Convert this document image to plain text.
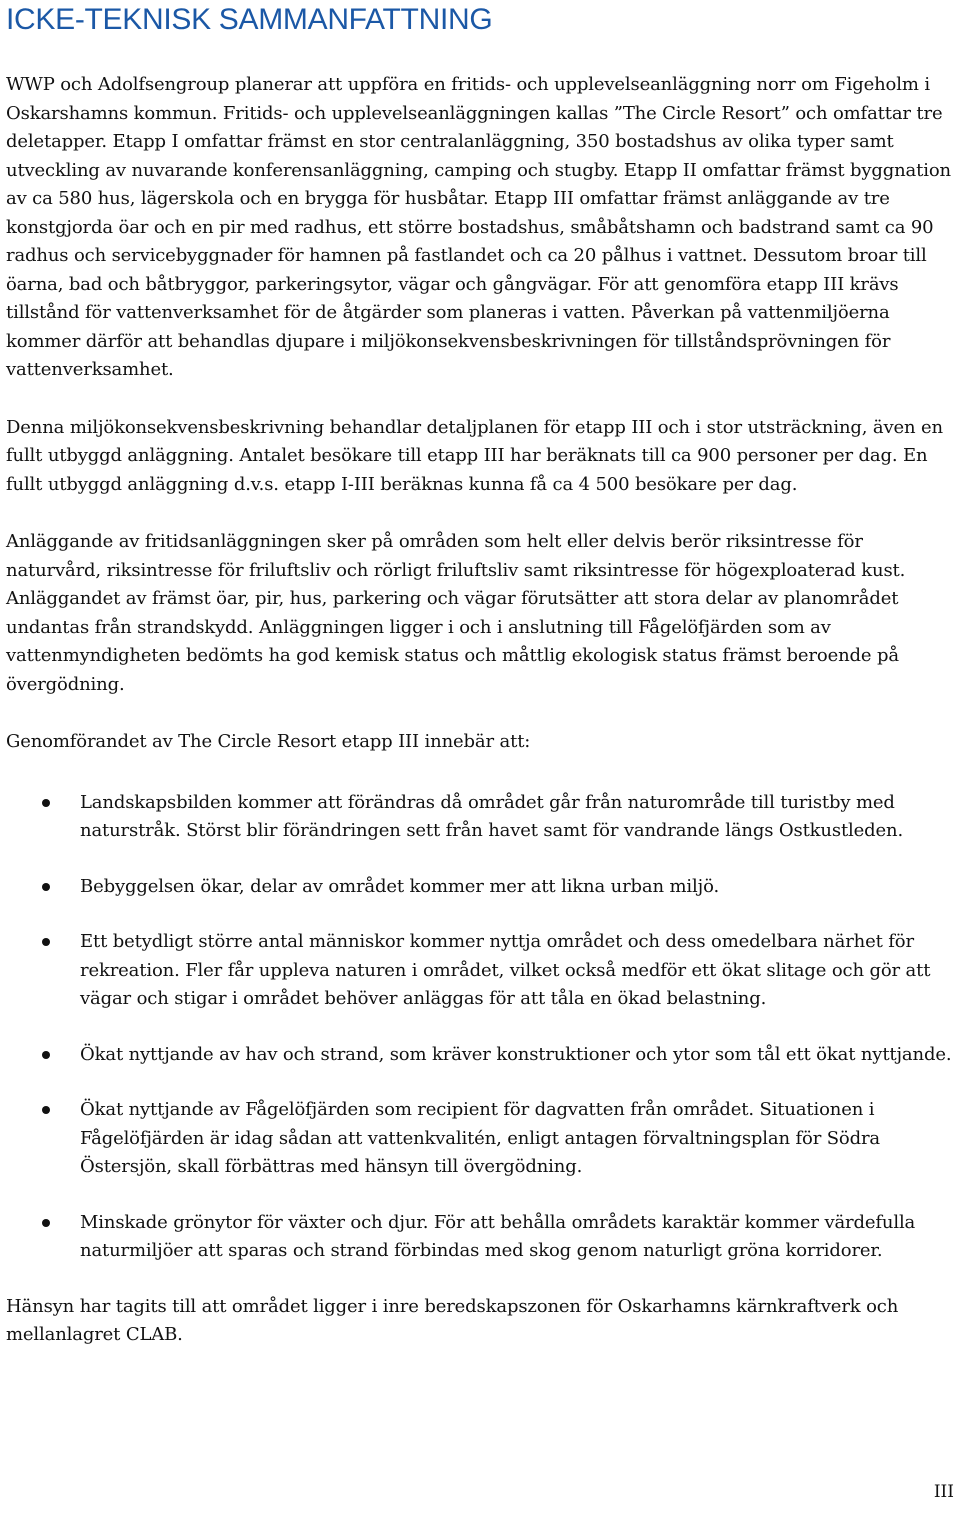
ICKE-TEKNISK SAMMANFATTNING

WWP och Adolfsengroup planerar att uppföra en fritids- och upplevelseanläggning norr om Figeholm i Oskarshamns kommun. Fritids- och upplevelseanläggningen kallas ”The Circle Resort” och omfattar tre deletapper. Etapp I omfattar främst en stor centralanläggning, 350 bostadshus av olika typer samt utveckling av nuvarande konferensanläggning, camping och stugby. Etapp II omfattar främst byggnation av ca 580 hus, lägerskola och en brygga för husbåtar. Etapp III omfattar främst anläggande av tre konstgjorda öar och en pir med radhus, ett större bostadshus, småbåtshamn och badstrand samt ca 90 radhus och servicebyggnader för hamnen på fastlandet och ca 20 pålhus i vattnet. Dessutom broar till öarna, bad och båtbryggor, parkeringsytor, vägar och gångvägar. För att genomföra etapp III krävs tillstånd för vattenverksamhet för de åtgärder som planeras i vatten. Påverkan på vattenmiljöerna kommer därför att behandlas djupare i miljökonsekvensbeskrivningen för tillståndsprövningen för vattenverksamhet.

Denna miljökonsekvensbeskrivning behandlar detaljplanen för etapp III och i stor utsträckning, även en fullt utbyggd anläggning. Antalet besökare till etapp III har beräknats till ca 900 personer per dag. En fullt utbyggd anläggning d.v.s. etapp I-III beräknas kunna få ca 4 500 besökare per dag.

Anläggande av fritidsanläggningen sker på områden som helt eller delvis berör riksintresse för naturvård, riksintresse för friluftsliv och rörligt friluftsliv samt riksintresse för högexploaterad kust. Anläggandet av främst öar, pir, hus, parkering och vägar förutsätter att stora delar av planområdet undantas från strandskydd. Anläggningen ligger i och i anslutning till Fågelöfjärden som av vattenmyndigheten bedömts ha god kemisk status och måttlig ekologisk status främst beroende på övergödning.

Genomförandet av The Circle Resort etapp III innebär att:

Landskapsbilden kommer att förändras då området går från naturområde till turistby med naturstråk. Störst blir förändringen sett från havet samt för vandrande längs Ostkustleden.
Bebyggelsen ökar, delar av området kommer mer att likna urban miljö.
Ett betydligt större antal människor kommer nyttja området och dess omedelbara närhet för rekreation. Fler får uppleva naturen i området, vilket också medför ett ökat slitage och gör att vägar och stigar i området behöver anläggas för att tåla en ökad belastning.
Ökat nyttjande av hav och strand, som kräver konstruktioner och ytor som tål ett ökat nyttjande.
Ökat nyttjande av Fågelöfjärden som recipient för dagvatten från området. Situationen i Fågelöfjärden är idag sådan att vattenkvalitén, enligt antagen förvaltningsplan för Södra Östersjön, skall förbättras med hänsyn till övergödning.
Minskade grönytor för växter och djur. För att behålla områdets karaktär kommer värdefulla naturmiljöer att sparas och strand förbindas med skog genom naturligt gröna korridorer.

Hänsyn har tagits till att området ligger i inre beredskapszonen för Oskarhamns kärnkraftverk och mellanlagret CLAB.

III
